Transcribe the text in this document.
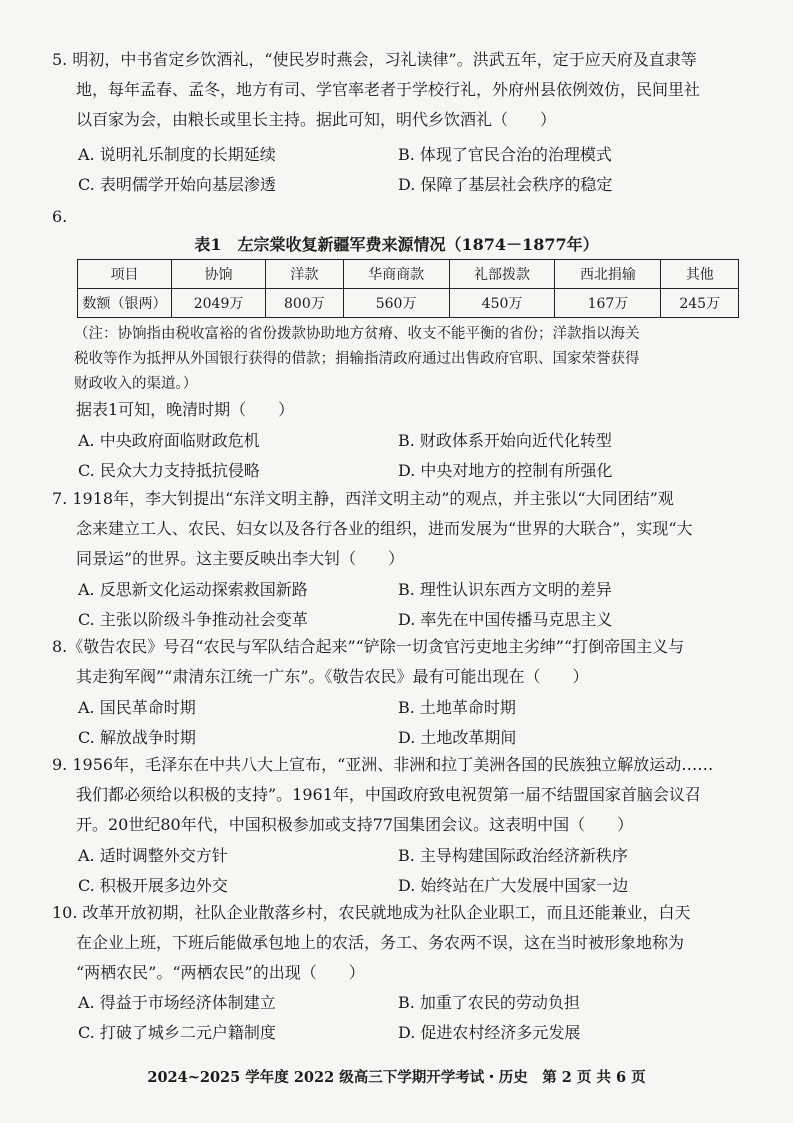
5. 明初，中书省定乡饮酒礼，“使民岁时燕会，习礼读律”。洪武五年，定于应天府及直隶等
地，每年孟春、孟冬，地方有司、学官率老者于学校行礼，外府州县依例效仿，民间里社
以百家为会，由粮长或里长主持。据此可知，明代乡饮酒礼（　　）
A. 说明礼乐制度的长期延续	B. 体现了官民合治的治理模式
C. 表明儒学开始向基层渗透	D. 保障了基层社会秩序的稳定
6.
表1　左宗棠收复新疆军费来源情况（1874－1877年）
项目	协饷	洋款	华商商款	礼部拨款	西北捐输	其他
数额（银两）	2049万	800万	560万	450万	167万	245万
（注：协饷指由税收富裕的省份拨款协助地方贫瘠、收支不能平衡的省份；洋款指以海关
税收等作为抵押从外国银行获得的借款；捐输指清政府通过出售政府官职、国家荣誉获得
财政收入的渠道。）
据表1可知，晚清时期（　　）
A. 中央政府面临财政危机	B. 财政体系开始向近代化转型
C. 民众大力支持抵抗侵略	D. 中央对地方的控制有所强化
7. 1918年，李大钊提出“东洋文明主静，西洋文明主动”的观点，并主张以“大同团结”观
念来建立工人、农民、妇女以及各行各业的组织，进而发展为“世界的大联合”，实现“大
同景运”的世界。这主要反映出李大钊（　　）
A. 反思新文化运动探索救国新路	B. 理性认识东西方文明的差异
C. 主张以阶级斗争推动社会变革	D. 率先在中国传播马克思主义
8.《敬告农民》号召“农民与军队结合起来”“铲除一切贪官污吏地主劣绅”“打倒帝国主义与
其走狗军阀”“肃清东江统一广东”。《敬告农民》最有可能出现在（　　）
A. 国民革命时期	B. 土地革命时期
C. 解放战争时期	D. 土地改革期间
9. 1956年，毛泽东在中共八大上宣布，“亚洲、非洲和拉丁美洲各国的民族独立解放运动……
我们都必须给以积极的支持”。1961年，中国政府致电祝贺第一届不结盟国家首脑会议召
开。20世纪80年代，中国积极参加或支持77国集团会议。这表明中国（　　）
A. 适时调整外交方针	B. 主导构建国际政治经济新秩序
C. 积极开展多边外交	D. 始终站在广大发展中国家一边
10. 改革开放初期，社队企业散落乡村，农民就地成为社队企业职工，而且还能兼业，白天
在企业上班，下班后能做承包地上的农活，务工、务农两不误，这在当时被形象地称为
“两栖农民”。“两栖农民”的出现（　　）
A. 得益于市场经济体制建立	B. 加重了农民的劳动负担
C. 打破了城乡二元户籍制度	D. 促进农村经济多元发展
2024~2025 学年度 2022 级高三下学期开学考试・历史　第 2 页 共 6 页
